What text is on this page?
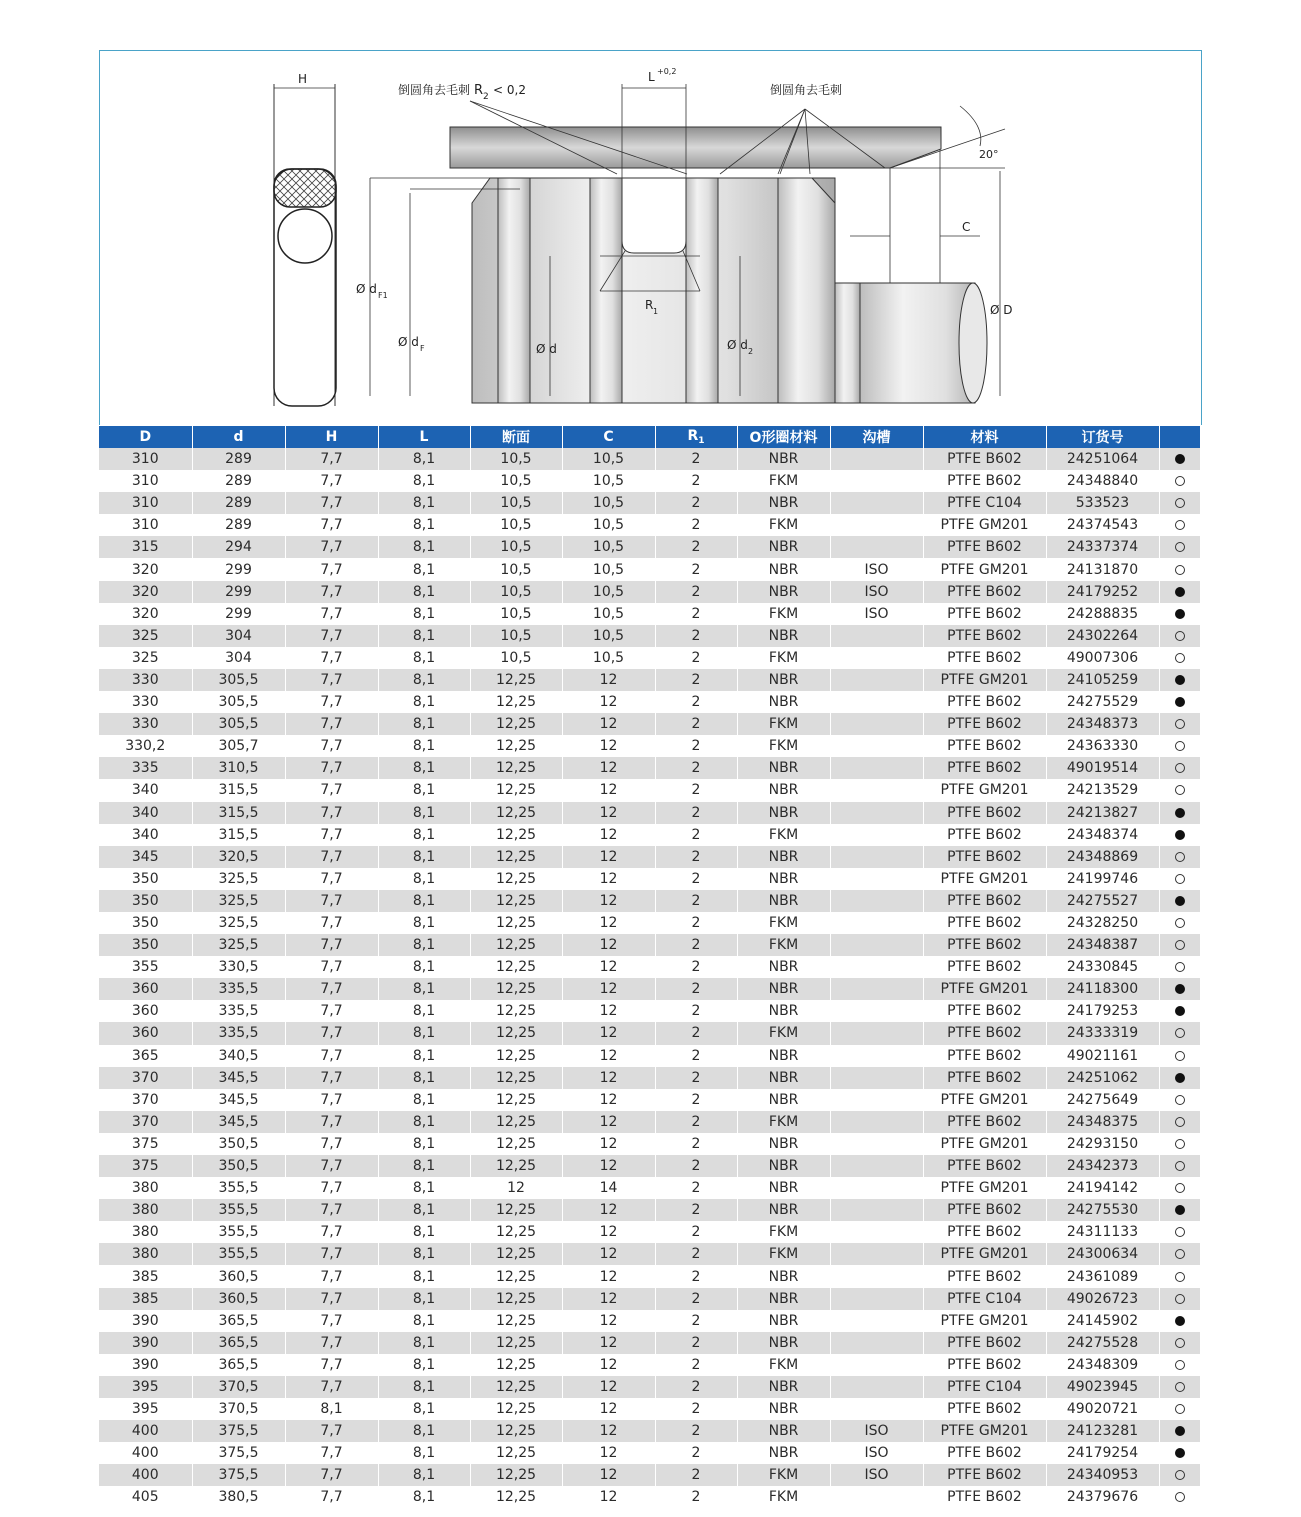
H
倒圆角去毛刺 R 2 < 0,2
L +0,2
倒圆角去毛刺
20°
C
Ø d F1
Ø d F	Ø d	Ø d 2
R 1	Ø D
D	d	H	L	断面	C	$R_1$	O形圈材料	沟槽	材料	订货号	
310	289	7,7	8,1	10,5	10,5	2	NBR		PTFE B602	24251064	
310	289	7,7	8,1	10,5	10,5	2	FKM		PTFE B602	24348840	
310	289	7,7	8,1	10,5	10,5	2	NBR		PTFE C104	533523	
310	289	7,7	8,1	10,5	10,5	2	FKM		PTFE GM201	24374543	
315	294	7,7	8,1	10,5	10,5	2	NBR		PTFE B602	24337374	
320	299	7,7	8,1	10,5	10,5	2	NBR	ISO	PTFE GM201	24131870	
320	299	7,7	8,1	10,5	10,5	2	NBR	ISO	PTFE B602	24179252	
320	299	7,7	8,1	10,5	10,5	2	FKM	ISO	PTFE B602	24288835	
325	304	7,7	8,1	10,5	10,5	2	NBR		PTFE B602	24302264	
325	304	7,7	8,1	10,5	10,5	2	FKM		PTFE B602	49007306	
330	305,5	7,7	8,1	12,25	12	2	NBR		PTFE GM201	24105259	
330	305,5	7,7	8,1	12,25	12	2	NBR		PTFE B602	24275529	
330	305,5	7,7	8,1	12,25	12	2	FKM		PTFE B602	24348373	
330,2	305,7	7,7	8,1	12,25	12	2	FKM		PTFE B602	24363330	
335	310,5	7,7	8,1	12,25	12	2	NBR		PTFE B602	49019514	
340	315,5	7,7	8,1	12,25	12	2	NBR		PTFE GM201	24213529	
340	315,5	7,7	8,1	12,25	12	2	NBR		PTFE B602	24213827	
340	315,5	7,7	8,1	12,25	12	2	FKM		PTFE B602	24348374	
345	320,5	7,7	8,1	12,25	12	2	NBR		PTFE B602	24348869	
350	325,5	7,7	8,1	12,25	12	2	NBR		PTFE GM201	24199746	
350	325,5	7,7	8,1	12,25	12	2	NBR		PTFE B602	24275527	
350	325,5	7,7	8,1	12,25	12	2	FKM		PTFE B602	24328250	
350	325,5	7,7	8,1	12,25	12	2	FKM		PTFE B602	24348387	
355	330,5	7,7	8,1	12,25	12	2	NBR		PTFE B602	24330845	
360	335,5	7,7	8,1	12,25	12	2	NBR		PTFE GM201	24118300	
360	335,5	7,7	8,1	12,25	12	2	NBR		PTFE B602	24179253	
360	335,5	7,7	8,1	12,25	12	2	FKM		PTFE B602	24333319	
365	340,5	7,7	8,1	12,25	12	2	NBR		PTFE B602	49021161	
370	345,5	7,7	8,1	12,25	12	2	NBR		PTFE B602	24251062	
370	345,5	7,7	8,1	12,25	12	2	NBR		PTFE GM201	24275649	
370	345,5	7,7	8,1	12,25	12	2	FKM		PTFE B602	24348375	
375	350,5	7,7	8,1	12,25	12	2	NBR		PTFE GM201	24293150	
375	350,5	7,7	8,1	12,25	12	2	NBR		PTFE B602	24342373	
380	355,5	7,7	8,1	12	14	2	NBR		PTFE GM201	24194142	
380	355,5	7,7	8,1	12,25	12	2	NBR		PTFE B602	24275530	
380	355,5	7,7	8,1	12,25	12	2	FKM		PTFE B602	24311133	
380	355,5	7,7	8,1	12,25	12	2	FKM		PTFE GM201	24300634	
385	360,5	7,7	8,1	12,25	12	2	NBR		PTFE B602	24361089	
385	360,5	7,7	8,1	12,25	12	2	NBR		PTFE C104	49026723	
390	365,5	7,7	8,1	12,25	12	2	NBR		PTFE GM201	24145902	
390	365,5	7,7	8,1	12,25	12	2	NBR		PTFE B602	24275528	
390	365,5	7,7	8,1	12,25	12	2	FKM		PTFE B602	24348309	
395	370,5	7,7	8,1	12,25	12	2	NBR		PTFE C104	49023945	
395	370,5	8,1	8,1	12,25	12	2	NBR		PTFE B602	49020721	
400	375,5	7,7	8,1	12,25	12	2	NBR	ISO	PTFE GM201	24123281	
400	375,5	7,7	8,1	12,25	12	2	NBR	ISO	PTFE B602	24179254	
400	375,5	7,7	8,1	12,25	12	2	FKM	ISO	PTFE B602	24340953	
405	380,5	7,7	8,1	12,25	12	2	FKM		PTFE B602	24379676	
